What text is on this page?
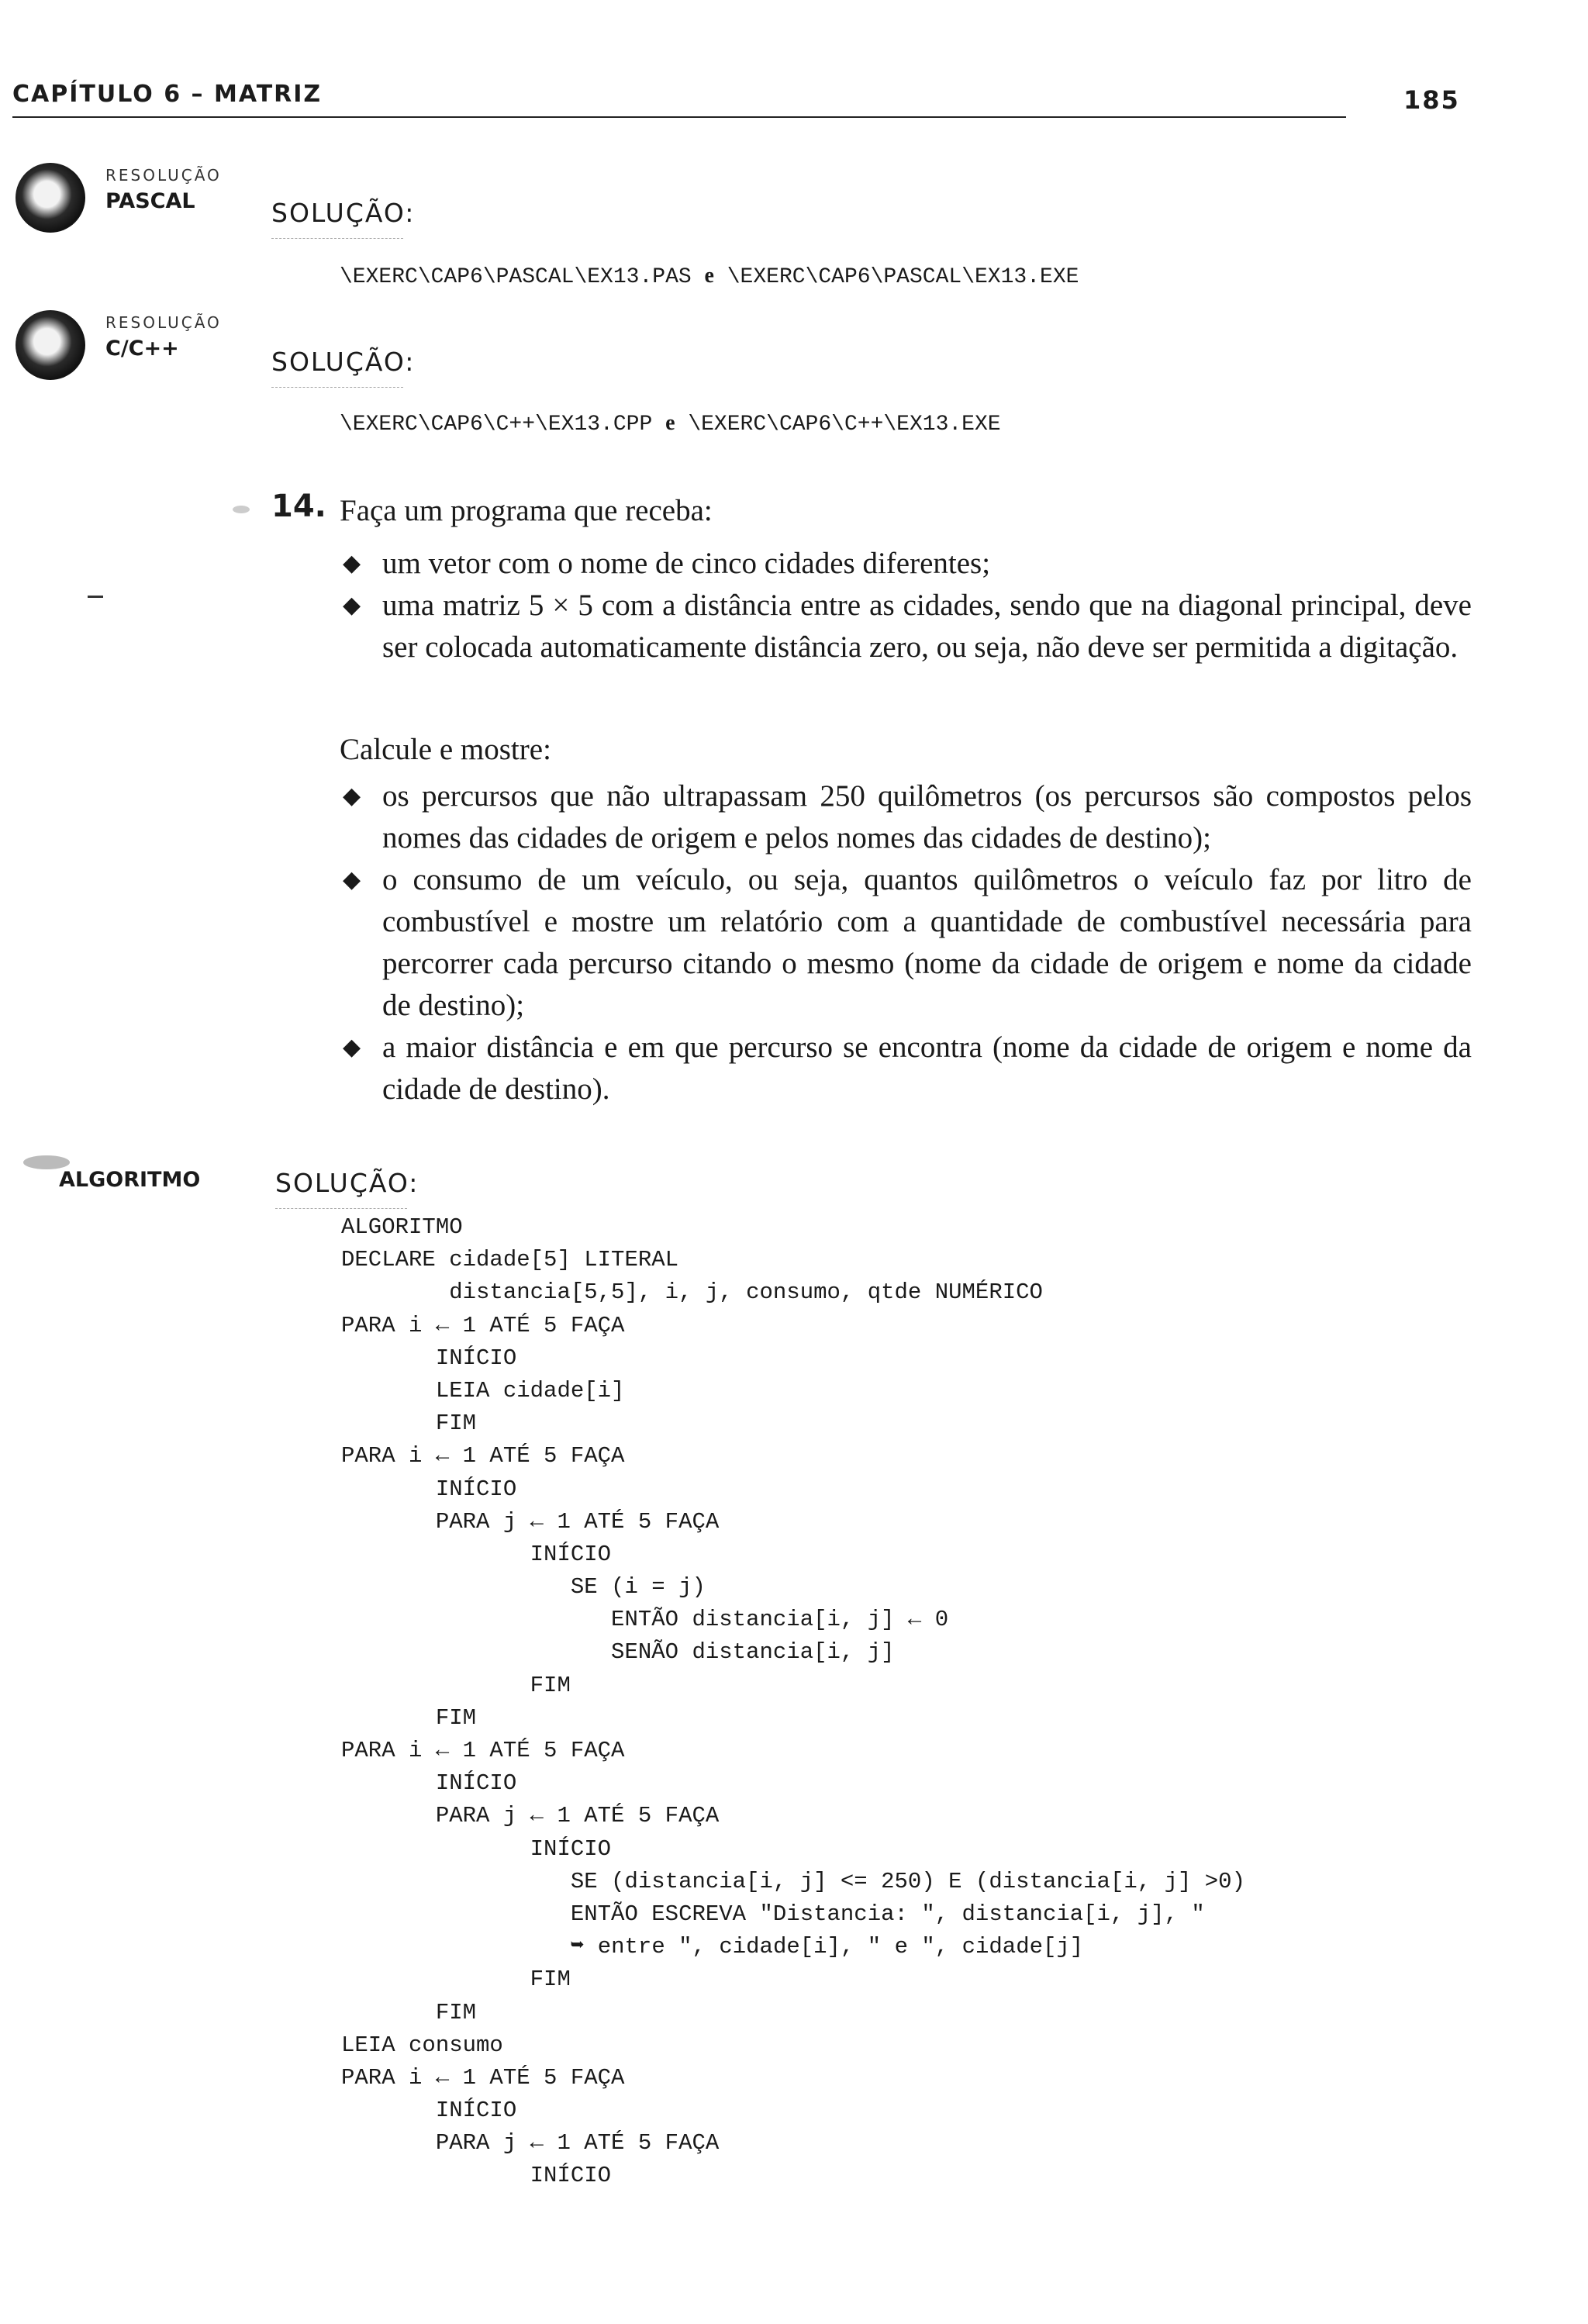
CAPÍTULO 6 – MATRIZ	185
RESOLUÇÃO
PASCAL	SOLUÇÃO:
\EXERC\CAP6\PASCAL\EX13.PAS e \EXERC\CAP6\PASCAL\EX13.EXE
RESOLUÇÃO
C/C++	SOLUÇÃO:
\EXERC\CAP6\C++\EX13.CPP e \EXERC\CAP6\C++\EX13.EXE
14. Faça um programa que receba:
◆ um vetor com o nome de cinco cidades diferentes;
◆ uma matriz 5 × 5 com a distância entre as cidades, sendo que na diagonal principal, deve ser colocada automaticamente distância zero, ou seja, não deve ser permitida a digitação.
Calcule e mostre:
◆ os percursos que não ultrapassam 250 quilômetros (os percursos são compostos pelos nomes das cidades de origem e pelos nomes das cidades de destino);
◆ o consumo de um veículo, ou seja, quantos quilômetros o veículo faz por litro de combustível e mostre um relatório com a quantidade de combustível necessária para percorrer cada percurso citando o mesmo (nome da cidade de origem e nome da cidade de destino);
◆ a maior distância e em que percurso se encontra (nome da cidade de origem e nome da cidade de destino).
ALGORITMO	SOLUÇÃO:
ALGORITMO
DECLARE cidade[5] LITERAL
distancia[5,5], i, j, consumo, qtde NUMÉRICO
PARA i ← 1 ATÉ 5 FAÇA
INÍCIO
LEIA cidade[i]
FIM
PARA i ← 1 ATÉ 5 FAÇA
INÍCIO
PARA j ← 1 ATÉ 5 FAÇA
INÍCIO
SE (i = j)
ENTÃO distancia[i, j] ← 0
SENÃO distancia[i, j]
FIM
FIM
PARA i ← 1 ATÉ 5 FAÇA
INÍCIO
PARA j ← 1 ATÉ 5 FAÇA
INÍCIO
SE (distancia[i, j] <= 250) E (distancia[i, j] >0)
ENTÃO ESCREVA "Distancia: ", distancia[i, j], "
➥ entre ", cidade[i], " e ", cidade[j]
FIM
FIM
LEIA consumo
PARA i ← 1 ATÉ 5 FAÇA
INÍCIO
PARA j ← 1 ATÉ 5 FAÇA
INÍCIO
